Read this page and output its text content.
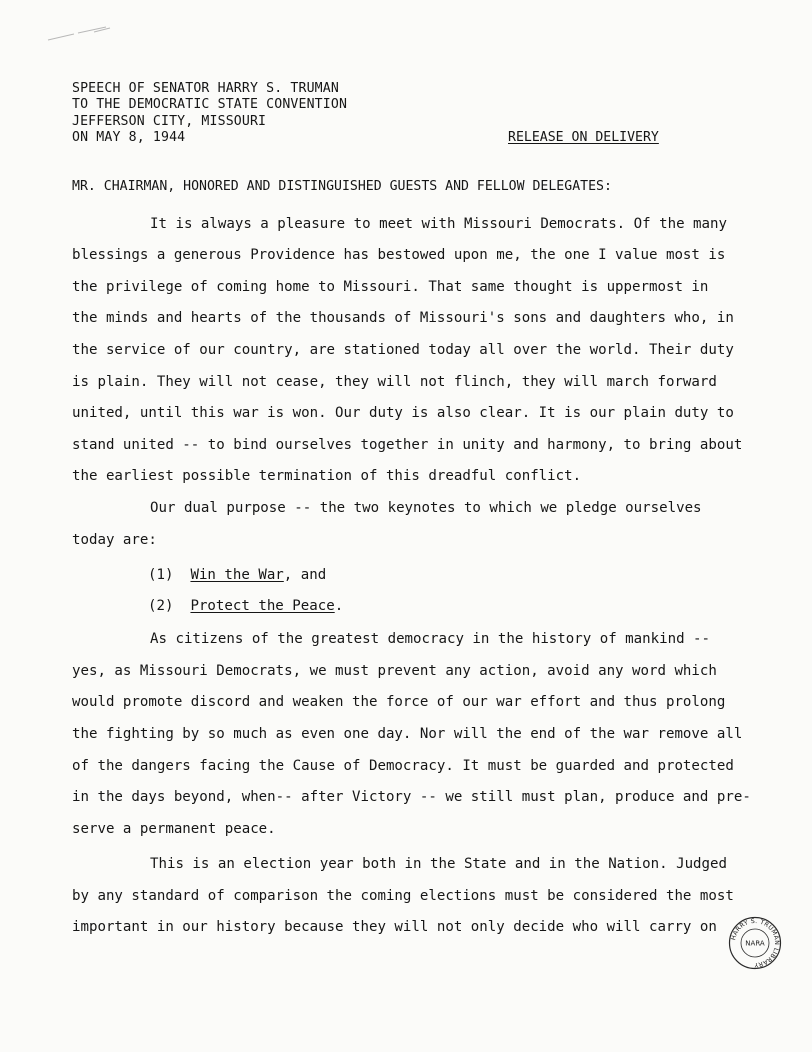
SPEECH OF SENATOR HARRY S. TRUMAN
TO THE DEMOCRATIC STATE CONVENTION
JEFFERSON CITY, MISSOURI
ON MAY 8, 1944	RELEASE ON DELIVERY
MR. CHAIRMAN, HONORED AND DISTINGUISHED GUESTS AND FELLOW DELEGATES:
It is always a pleasure to meet with Missouri Democrats. Of the many
blessings a generous Providence has bestowed upon me, the one I value most is
the privilege of coming home to Missouri. That same thought is uppermost in
the minds and hearts of the thousands of Missouri's sons and daughters who, in
the service of our country, are stationed today all over the world. Their duty
is plain. They will not cease, they will not flinch, they will march forward
united, until this war is won. Our duty is also clear. It is our plain duty to
stand united -- to bind ourselves together in unity and harmony, to bring about
the earliest possible termination of this dreadful conflict.
Our dual purpose -- the two keynotes to which we pledge ourselves
today are:
(1) Win the War, and
(2) Protect the Peace.
As citizens of the greatest democracy in the history of mankind --
yes, as Missouri Democrats, we must prevent any action, avoid any word which
would promote discord and weaken the force of our war effort and thus prolong
the fighting by so much as even one day. Nor will the end of the war remove all
of the dangers facing the Cause of Democracy. It must be guarded and protected
in the days beyond, when-- after Victory -- we still must plan, produce and pre-
serve a permanent peace.
This is an election year both in the State and in the Nation. Judged
by any standard of comparison the coming elections must be considered the most
important in our history because they will not only decide who will carry on
HARRY S. TRUMAN LIBRARY
NARA
